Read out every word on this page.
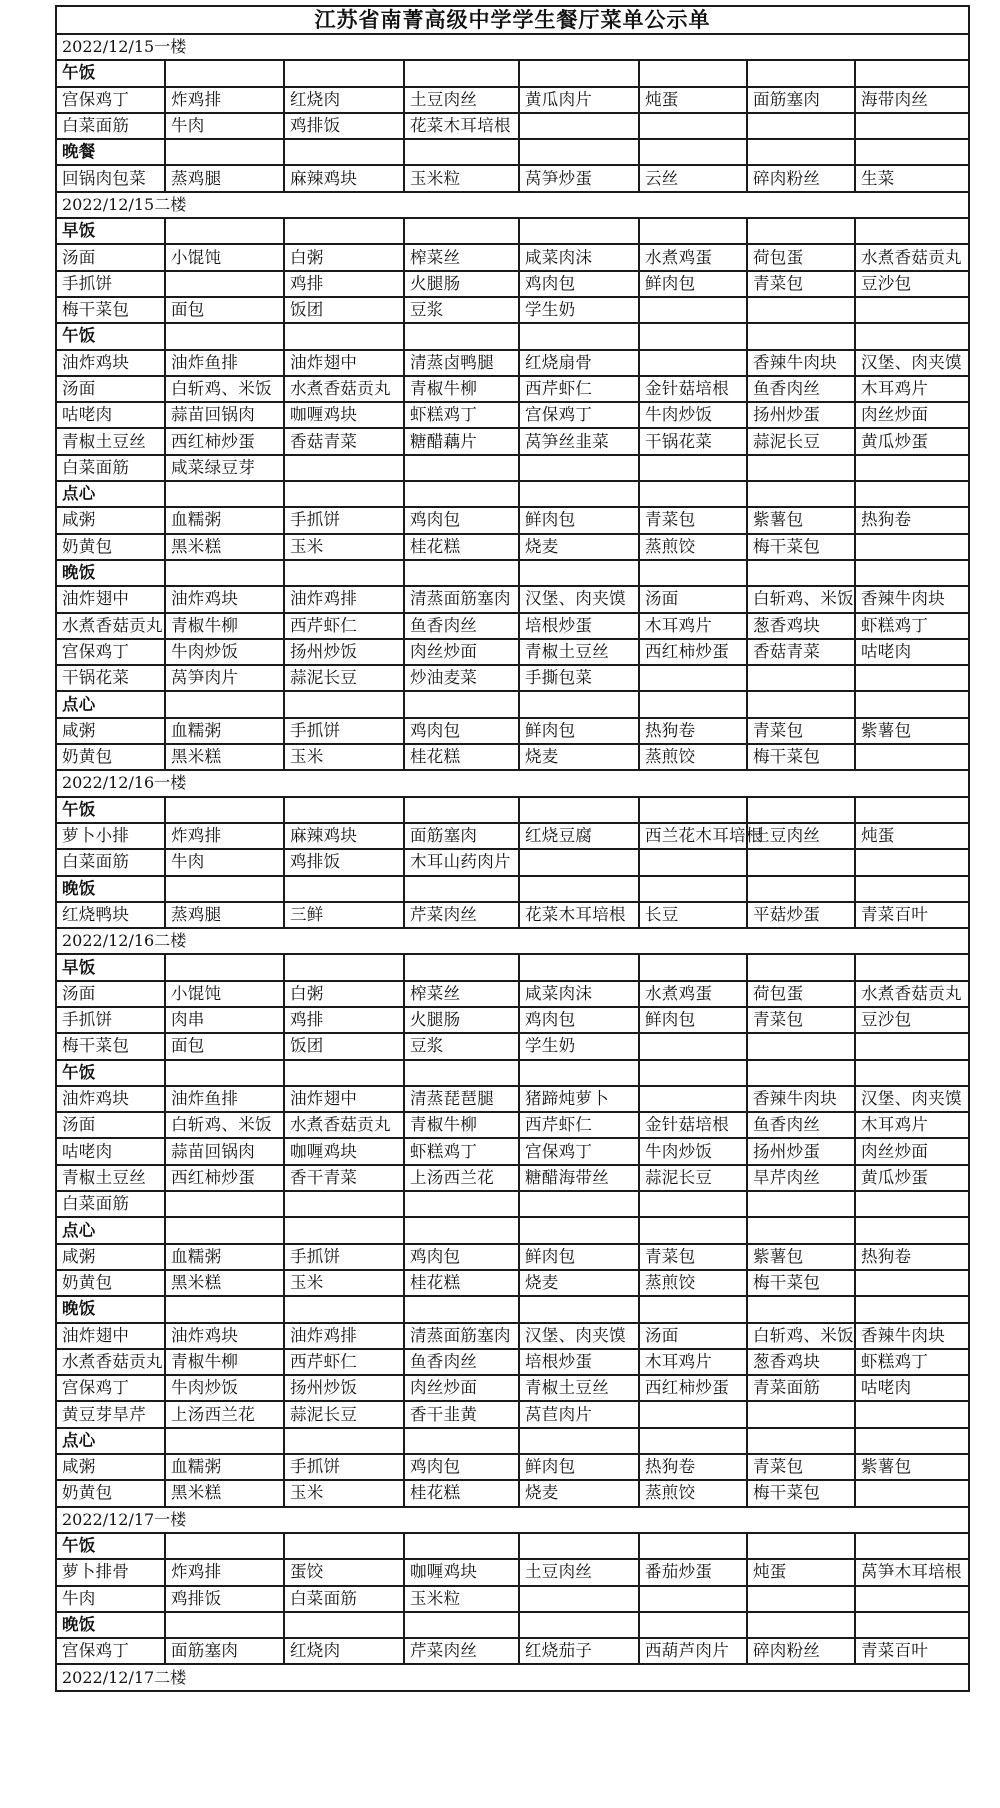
江苏省南菁高级中学学生餐厅菜单公示单							
2022/12/15一楼							
午饭							
宫保鸡丁	炸鸡排	红烧肉	土豆肉丝	黄瓜肉片	炖蛋	面筋塞肉	海带肉丝
白菜面筋	牛肉	鸡排饭	花菜木耳培根				
晚餐							
回锅肉包菜	蒸鸡腿	麻辣鸡块	玉米粒	莴笋炒蛋	云丝	碎肉粉丝	生菜
2022/12/15二楼							
早饭							
汤面	小馄饨	白粥	榨菜丝	咸菜肉沫	水煮鸡蛋	荷包蛋	水煮香菇贡丸
手抓饼		鸡排	火腿肠	鸡肉包	鲜肉包	青菜包	豆沙包
梅干菜包	面包	饭团	豆浆	学生奶			
午饭							
油炸鸡块	油炸鱼排	油炸翅中	清蒸卤鸭腿	红烧扇骨		香辣牛肉块	汉堡、肉夹馍
汤面	白斩鸡、米饭	水煮香菇贡丸	青椒牛柳	西芹虾仁	金针菇培根	鱼香肉丝	木耳鸡片
咕咾肉	蒜苗回锅肉	咖喱鸡块	虾糕鸡丁	宫保鸡丁	牛肉炒饭	扬州炒蛋	肉丝炒面
青椒土豆丝	西红柿炒蛋	香菇青菜	糖醋藕片	莴笋丝韭菜	干锅花菜	蒜泥长豆	黄瓜炒蛋
白菜面筋	咸菜绿豆芽						
点心							
咸粥	血糯粥	手抓饼	鸡肉包	鲜肉包	青菜包	紫薯包	热狗卷
奶黄包	黑米糕	玉米	桂花糕	烧麦	蒸煎饺	梅干菜包	
晚饭							
油炸翅中	油炸鸡块	油炸鸡排	清蒸面筋塞肉	汉堡、肉夹馍	汤面	白斩鸡、米饭	香辣牛肉块
水煮香菇贡丸	青椒牛柳	西芹虾仁	鱼香肉丝	培根炒蛋	木耳鸡片	葱香鸡块	虾糕鸡丁
宫保鸡丁	牛肉炒饭	扬州炒饭	肉丝炒面	青椒土豆丝	西红柿炒蛋	香菇青菜	咕咾肉
干锅花菜	莴笋肉片	蒜泥长豆	炒油麦菜	手撕包菜			
点心							
咸粥	血糯粥	手抓饼	鸡肉包	鲜肉包	热狗卷	青菜包	紫薯包
奶黄包	黑米糕	玉米	桂花糕	烧麦	蒸煎饺	梅干菜包	
2022/12/16一楼							
午饭							
萝卜小排	炸鸡排	麻辣鸡块	面筋塞肉	红烧豆腐	西兰花木耳培根	土豆肉丝	炖蛋
白菜面筋	牛肉	鸡排饭	木耳山药肉片				
晚饭							
红烧鸭块	蒸鸡腿	三鲜	芹菜肉丝	花菜木耳培根	长豆	平菇炒蛋	青菜百叶
2022/12/16二楼							
早饭							
汤面	小馄饨	白粥	榨菜丝	咸菜肉沫	水煮鸡蛋	荷包蛋	水煮香菇贡丸
手抓饼	肉串	鸡排	火腿肠	鸡肉包	鲜肉包	青菜包	豆沙包
梅干菜包	面包	饭团	豆浆	学生奶			
午饭							
油炸鸡块	油炸鱼排	油炸翅中	清蒸琵琶腿	猪蹄炖萝卜		香辣牛肉块	汉堡、肉夹馍
汤面	白斩鸡、米饭	水煮香菇贡丸	青椒牛柳	西芹虾仁	金针菇培根	鱼香肉丝	木耳鸡片
咕咾肉	蒜苗回锅肉	咖喱鸡块	虾糕鸡丁	宫保鸡丁	牛肉炒饭	扬州炒蛋	肉丝炒面
青椒土豆丝	西红柿炒蛋	香干青菜	上汤西兰花	糖醋海带丝	蒜泥长豆	旱芹肉丝	黄瓜炒蛋
白菜面筋							
点心							
咸粥	血糯粥	手抓饼	鸡肉包	鲜肉包	青菜包	紫薯包	热狗卷
奶黄包	黑米糕	玉米	桂花糕	烧麦	蒸煎饺	梅干菜包	
晚饭							
油炸翅中	油炸鸡块	油炸鸡排	清蒸面筋塞肉	汉堡、肉夹馍	汤面	白斩鸡、米饭	香辣牛肉块
水煮香菇贡丸	青椒牛柳	西芹虾仁	鱼香肉丝	培根炒蛋	木耳鸡片	葱香鸡块	虾糕鸡丁
宫保鸡丁	牛肉炒饭	扬州炒饭	肉丝炒面	青椒土豆丝	西红柿炒蛋	青菜面筋	咕咾肉
黄豆芽旱芹	上汤西兰花	蒜泥长豆	香干韭黄	莴苣肉片			
点心							
咸粥	血糯粥	手抓饼	鸡肉包	鲜肉包	热狗卷	青菜包	紫薯包
奶黄包	黑米糕	玉米	桂花糕	烧麦	蒸煎饺	梅干菜包	
2022/12/17一楼							
午饭							
萝卜排骨	炸鸡排	蛋饺	咖喱鸡块	土豆肉丝	番茄炒蛋	炖蛋	莴笋木耳培根
牛肉	鸡排饭	白菜面筋	玉米粒				
晚饭							
宫保鸡丁	面筋塞肉	红烧肉	芹菜肉丝	红烧茄子	西葫芦肉片	碎肉粉丝	青菜百叶
2022/12/17二楼							
